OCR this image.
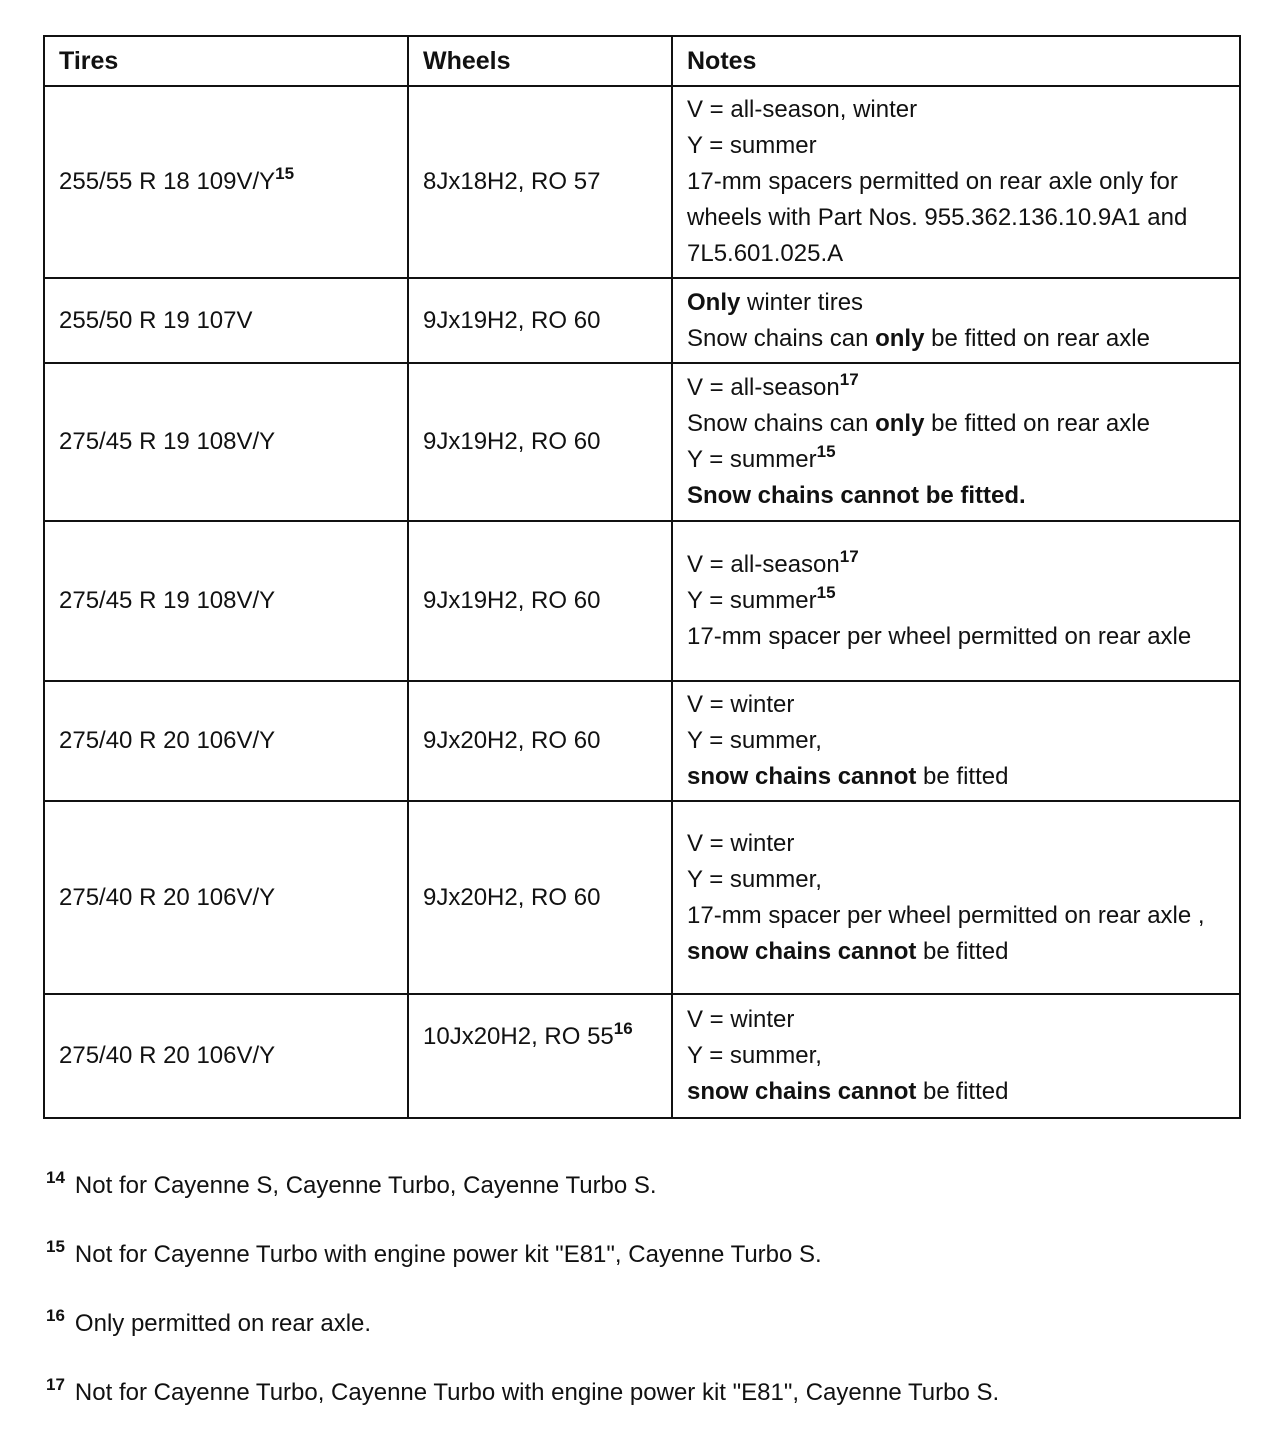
Tires	Wheels	Notes
255/55 R 18 $109V/Y^{15}$	8Jx18H2, RO 57	V = all-season, winter
Y = summer
17-mm spacers permitted on rear axle only for wheels with Part Nos. 955.362.136.10.9A1 and 7L5.601.025.A

255/50 R 19 107V	9Jx19H2, RO 60	Only winter tires
Snow chains can only be fitted on rear axle

275/45 R 19 108V/Y	9Jx19H2, RO 60	V = all-season$^{17}$
Snow chains can only be fitted on rear axle
Y = summer$^{15}$
Snow chains cannot be fitted.

275/45 R 19 108V/Y	9Jx19H2, RO 60	V = all-season$^{17}$
Y = summer$^{15}$
17-mm spacer per wheel permitted on rear axle

275/40 R 20 106V/Y	9Jx20H2, RO 60	V = winter
Y = summer,
snow chains cannot be fitted

275/40 R 20 106V/Y	9Jx20H2, RO 60	V = winter
Y = summer,
17-mm spacer per wheel permitted on rear axle ,
snow chains cannot be fitted

275/40 R 20 106V/Y	10Jx20H2, RO $55^{16}$	V = winter
Y = summer,
snow chains cannot be fitted
$^{14}$ Not for Cayenne S, Cayenne Turbo, Cayenne Turbo S.
$^{15}$ Not for Cayenne Turbo with engine power kit "E81", Cayenne Turbo S.
$^{16}$ Only permitted on rear axle.
$^{17}$ Not for Cayenne Turbo, Cayenne Turbo with engine power kit "E81", Cayenne Turbo S.
